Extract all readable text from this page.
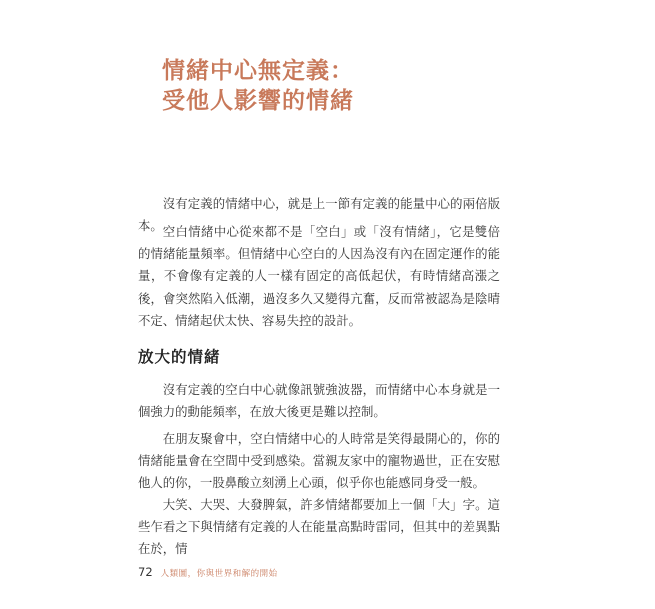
情緒中心無定義：
受他人影響的情緒

沒有定義的情緒中心，就是上一節有定義的能量中心的兩倍版本。 空白情緒中心從來都不是「空白」或「沒有情緒」，它是雙倍的情緒能量頻率。但情緒中心空白的人因為沒有內在固定運作的能量，不會像有定義的人一樣有固定的高低起伏，有時情緒高漲之後，會突然陷入低潮，過沒多久又變得亢奮，反而常被認為是陰晴不定、情緒起伏太快、容易失控的設計。

放大的情緒

沒有定義的空白中心就像訊號強波器，而情緒中心本身就是一個強力的動能頻率，在放大後更是難以控制。

在朋友聚會中，空白情緒中心的人時常是笑得最開心的，你的情緒能量會在空間中受到感染。當親友家中的寵物過世，正在安慰他人的你，一股鼻酸立刻湧上心頭，似乎你也能感同身受一般。

大笑、大哭、大發脾氣，許多情緒都要加上一個「大」字。這些乍看之下與情緒有定義的人在能量高點時雷同，但其中的差異點在於，情

72 人類圖，你與世界和解的開始
